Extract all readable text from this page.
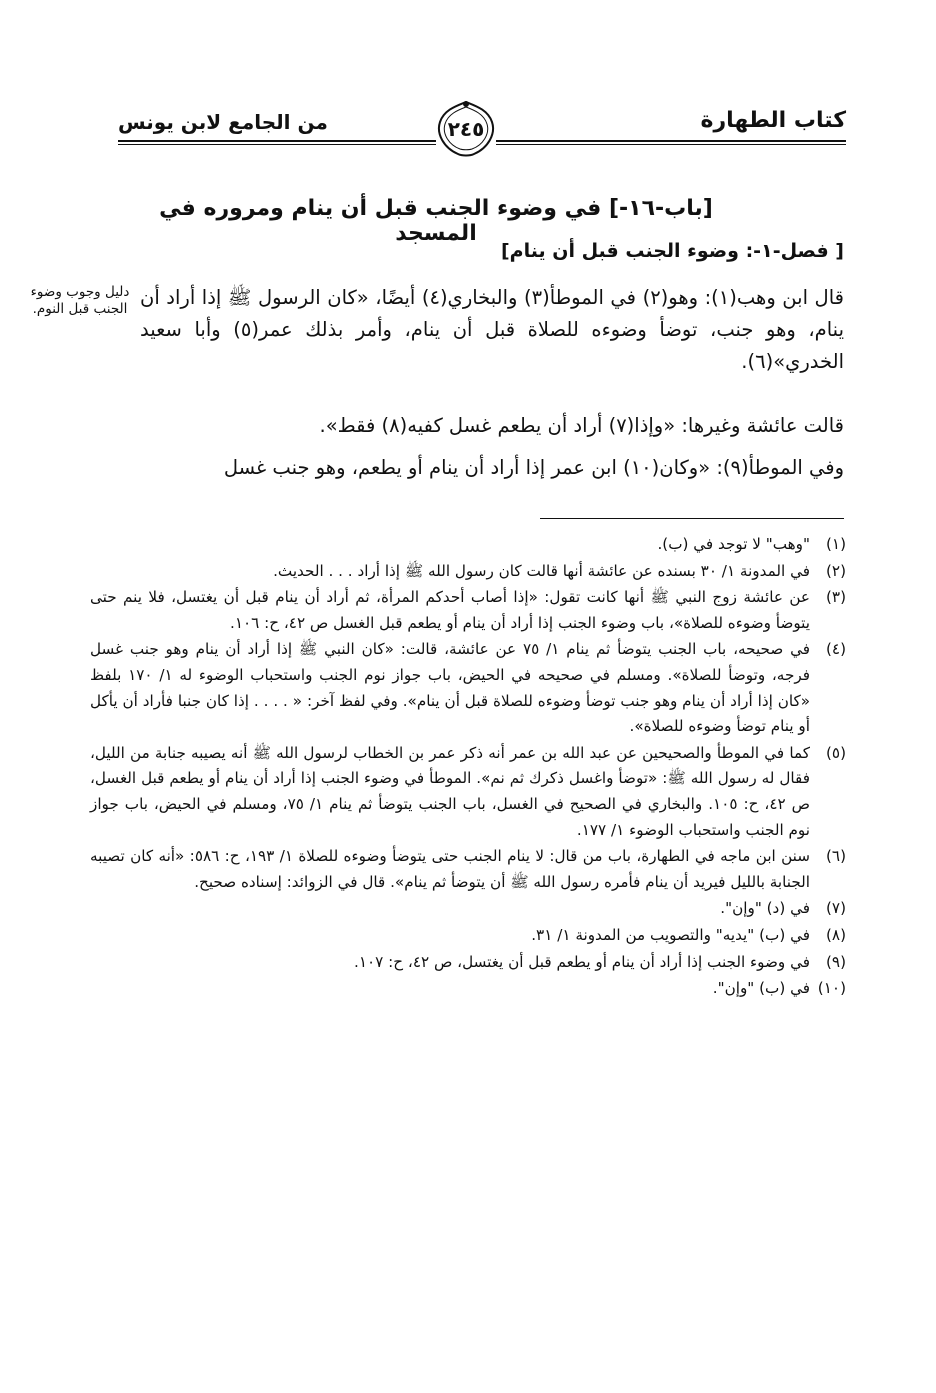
كتاب الطهارة
من الجامع لابن يونس	٢٤٥
[باب-١٦-] في وضوء الجنب قبل أن ينام ومروره في المسجد
[ فصل-١-: وضوء الجنب قبل أن ينام]
دليل وجوب وضوء الجنب قبل النوم. قال ابن وهب(١): وهو(٢) في الموطأ(٣) والبخاري(٤) أيضًا، «كان الرسول ﷺ إذا أراد أن ينام، وهو جنب، توضأ وضوءه للصلاة قبل أن ينام، وأمر بذلك عمر(٥) وأبا سعيد الخدري»(٦).
قالت عائشة وغيرها: «وإذا(٧) أراد أن يطعم غسل كفيه(٨) فقط».
وفي الموطأ(٩): «وكان(١٠) ابن عمر إذا أراد أن ينام أو يطعم، وهو جنب غسل
(١)
"وهب" لا توجد في (ب).
(٢)
في المدونة ١/ ٣٠ بسنده عن عائشة أنها قالت كان رسول الله ﷺ إذا أراد . . . الحديث.
(٣)
عن عائشة زوج النبي ﷺ أنها كانت تقول: «إذا أصاب أحدكم المرأة، ثم أراد أن ينام قبل أن يغتسل، فلا ينم حتى يتوضأ وضوءه للصلاة»، باب وضوء الجنب إذا أراد أن ينام أو يطعم قبل الغسل ص ٤٢، ح: ١٠٦.
(٤)
في صحيحه، باب الجنب يتوضأ ثم ينام ١/ ٧٥ عن عائشة، قالت: «كان النبي ﷺ إذا أراد أن ينام وهو جنب غسل فرجه، وتوضأ للصلاة». ومسلم في صحيحه في الحيض، باب جواز نوم الجنب واستحباب الوضوء له ١/ ١٧٠ بلفظ «كان إذا أراد أن ينام وهو جنب توضأ وضوءه للصلاة قبل أن ينام». وفي لفظ آخر: « . . . . إذا كان جنبا فأراد أن يأكل أو ينام توضأ وضوءه للصلاة».
(٥)
كما في الموطأ والصحيحين عن عبد الله بن عمر أنه ذكر عمر بن الخطاب لرسول الله ﷺ أنه يصيبه جنابة من الليل، فقال له رسول الله ﷺ: «توضأ واغسل ذكرك ثم نم». الموطأ في وضوء الجنب إذا أراد أن ينام أو يطعم قبل الغسل، ص ٤٢، ح: ١٠٥. والبخاري في الصحيح في الغسل، باب الجنب يتوضأ ثم ينام ١/ ٧٥، ومسلم في الحيض، باب جواز نوم الجنب واستحباب الوضوء ١/ ١٧٧.
(٦)
سنن ابن ماجه في الطهارة، باب من قال: لا ينام الجنب حتى يتوضأ وضوءه للصلاة ١/ ١٩٣، ح: ٥٨٦: «أنه كان تصيبه الجنابة بالليل فيريد أن ينام فأمره رسول الله ﷺ أن يتوضأ ثم ينام». قال في الزوائد: إسناده صحيح.
(٧)
في (د) "وإن".
(٨)
في (ب) "يديه" والتصويب من المدونة ١/ ٣١.
(٩)
في وضوء الجنب إذا أراد أن ينام أو يطعم قبل أن يغتسل، ص ٤٢، ح: ١٠٧.
(١٠)
في (ب) "وإن".
